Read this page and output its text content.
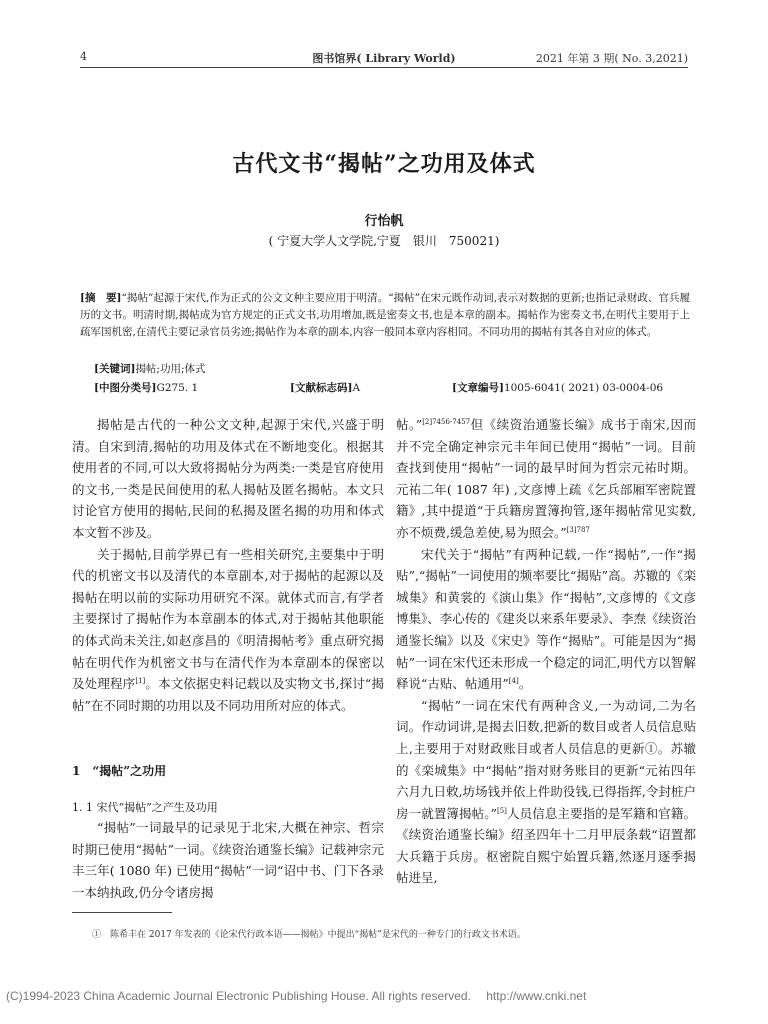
4	图书馆界( Library World)	2021 年第 3 期( No. 3,2021)
古代文书“揭帖”之功用及体式
行怡帆
( 宁夏大学人文学院,宁夏　银川　750021)
[摘　要]“揭帖”起源于宋代,作为正式的公文文种主要应用于明清。“揭帖”在宋元既作动词,表示对数据的更新;也指记录财政、官兵履历的文书。明清时期,揭帖成为官方规定的正式文书,功用增加,既是密奏文书,也是本章的副本。揭帖作为密奏文书,在明代主要用于上疏军国机密,在清代主要记录官员劣迹;揭帖作为本章的副本,内容一般同本章内容相同。不同功用的揭帖有其各自对应的体式。
[关键词]揭帖;功用;体式
[中图分类号]G275. 1	[文献标志码]A	[文章编号]1005-6041( 2021) 03-0004-06

揭帖是古代的一种公文文种,起源于宋代,兴盛于明清。自宋到清,揭帖的功用及体式在不断地变化。根据其使用者的不同,可以大致将揭帖分为两类:一类是官府使用的文书,一类是民间使用的私人揭帖及匿名揭帖。本文只讨论官方使用的揭帖,民间的私揭及匿名揭的功用和体式本文暂不涉及。

关于揭帖,目前学界已有一些相关研究,主要集中于明代的机密文书以及清代的本章副本,对于揭帖的起源以及揭帖在明以前的实际功用研究不深。就体式而言,有学者主要探讨了揭帖作为本章副本的体式,对于揭帖其他职能的体式尚未关注,如赵彦昌的《明清揭帖考》重点研究揭帖在明代作为机密文书与在清代作为本章副本的保密以及处理程序[1]。本文依据史料记载以及实物文书,探讨“揭帖”在不同时期的功用以及不同功用所对应的体式。

1　“揭帖”之功用
1. 1 宋代“揭帖”之产生及功用

“揭帖”一词最早的记录见于北宋,大概在神宗、哲宗时期已使用“揭帖”一词。《续资治通鉴长编》记载神宗元丰三年( 1080 年) 已使用“揭帖”一词“诏中书、门下各录一本纳执政,仍分令诸房揭

帖。”$^{[2]7456-7457}$但《续资治通鉴长编》成书于南宋,因而并不完全确定神宗元丰年间已使用“揭帖”一词。目前查找到使用“揭帖”一词的最早时间为哲宗元祐时期。元祐二年( 1087 年) ,文彦博上疏《乞兵部厢军密院置籍》,其中提道“于兵籍房置簿拘管,逐年揭帖常见实数,亦不烦费,缓急差使,易为照会。”$^{[3]787}$

宋代关于“揭帖”有两种记载,一作“揭帖”,一作“揭贴”,“揭帖”一词使用的频率要比“揭贴”高。苏辙的《栾城集》和黄裳的《演山集》作“揭帖”,文彦博的《文彦博集》、李心传的《建炎以来系年要录》、李焘《续资治通鉴长编》以及《宋史》等作“揭贴”。可能是因为“揭帖”一词在宋代还未形成一个稳定的词汇,明代方以智解释说“古贴、帖通用”[4]。

“揭帖”一词在宋代有两种含义,一为动词,二为名词。作动词讲,是揭去旧数,把新的数目或者人员信息贴上,主要用于对财政账目或者人员信息的更新①。苏辙的《栾城集》中“揭帖”指对财务账目的更新“元祐四年六月九日敕,坊场钱并依上件助役钱,已得指挥,令封桩户房一就置簿揭帖。”[5]人员信息主要指的是军籍和官籍。《续资治通鉴长编》绍圣四年十二月甲辰条载“诏置都大兵籍于兵房。枢密院自熙宁始置兵籍,然逐月逐季揭帖进呈,

①　陈希丰在 2017 年发表的《论宋代行政本语——揭帖》中提出“揭帖”是宋代的一种专门的行政文书术语。
(C)1994-2023 China Academic Journal Electronic Publishing House. All rights reserved.　 http://www.cnki.net
